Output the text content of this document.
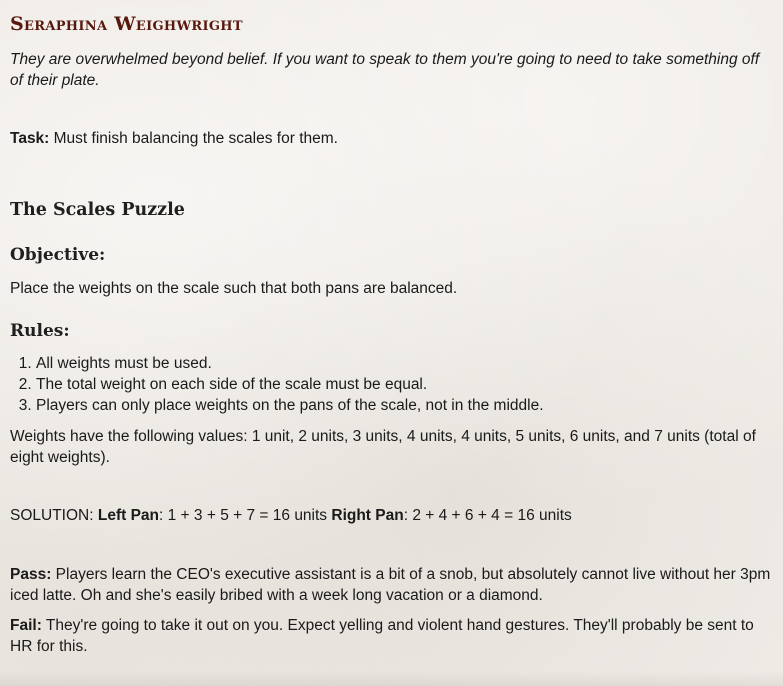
Seraphina Weighwright
They are overwhelmed beyond belief. If you want to speak to them you're going to need to take something off of their plate.
Task: Must finish balancing the scales for them.
The Scales Puzzle
Objective:
Place the weights on the scale such that both pans are balanced.
Rules:
1. All weights must be used.
2. The total weight on each side of the scale must be equal.
3. Players can only place weights on the pans of the scale, not in the middle.
Weights have the following values: 1 unit, 2 units, 3 units, 4 units, 4 units, 5 units, 6 units, and 7 units (total of eight weights).
SOLUTION: Left Pan: 1 + 3 + 5 + 7 = 16 units Right Pan: 2 + 4 + 6 + 4 = 16 units
Pass: Players learn the CEO's executive assistant is a bit of a snob, but absolutely cannot live without her 3pm iced latte. Oh and she's easily bribed with a week long vacation or a diamond.
Fail: They're going to take it out on you. Expect yelling and violent hand gestures. They'll probably be sent to HR for this.
